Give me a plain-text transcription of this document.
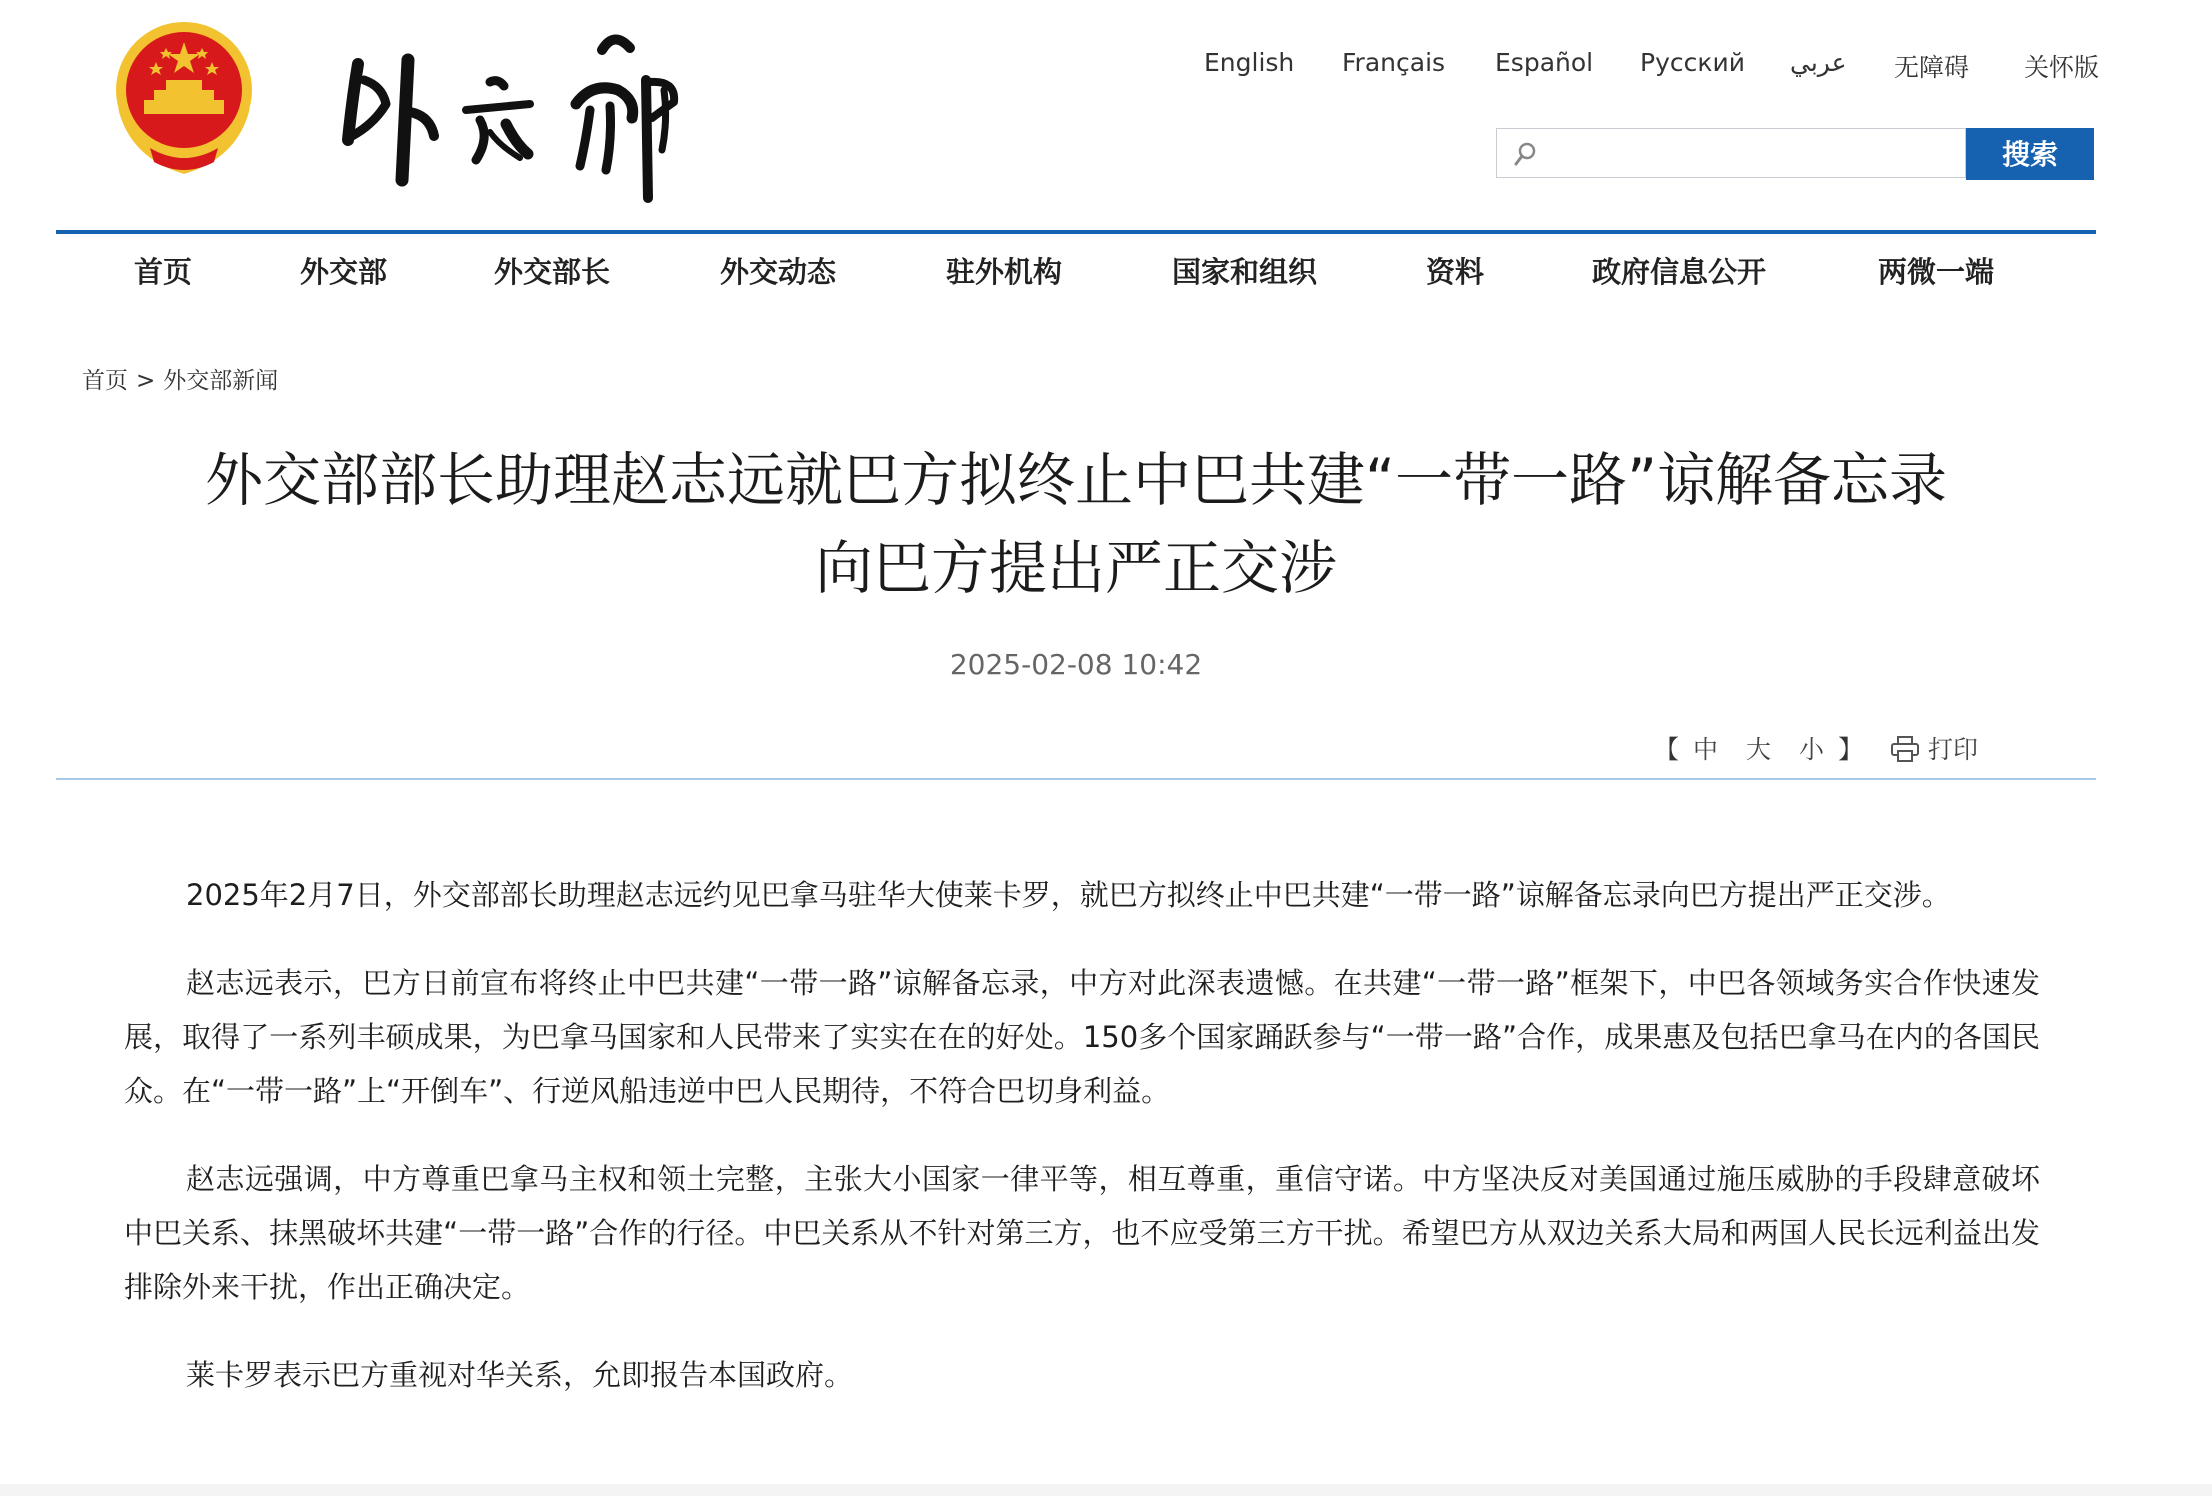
English Français Español Русский عربي 无障碍 关怀版
搜索
首页	外交部	外交部长	外交动态	驻外机构	国家和组织	资料	政府信息公开	两微一端
首页 > 外交部新闻
外交部部长助理赵志远就巴方拟终止中巴共建“一带一路”谅解备忘录
向巴方提出严正交涉
2025-02-08 10:42
【 中 大 小 】	打印

2025年2月7日，外交部部长助理赵志远约见巴拿马驻华大使莱卡罗，就巴方拟终止中巴共建“一带一路”谅解备忘录向巴方提出严正交涉。

赵志远表示，巴方日前宣布将终止中巴共建“一带一路”谅解备忘录，中方对此深表遗憾。在共建“一带一路”框架下，中巴各领域务实合作快速发展，取得了一系列丰硕成果，为巴拿马国家和人民带来了实实在在的好处。150多个国家踊跃参与“一带一路”合作，成果惠及包括巴拿马在内的各国民众。在“一带一路”上“开倒车”、行逆风船违逆中巴人民期待，不符合巴切身利益。

赵志远强调，中方尊重巴拿马主权和领土完整，主张大小国家一律平等，相互尊重，重信守诺。中方坚决反对美国通过施压威胁的手段肆意破坏中巴关系、抹黑破坏共建“一带一路”合作的行径。中巴关系从不针对第三方，也不应受第三方干扰。希望巴方从双边关系大局和两国人民长远利益出发排除外来干扰，作出正确决定。

莱卡罗表示巴方重视对华关系，允即报告本国政府。
